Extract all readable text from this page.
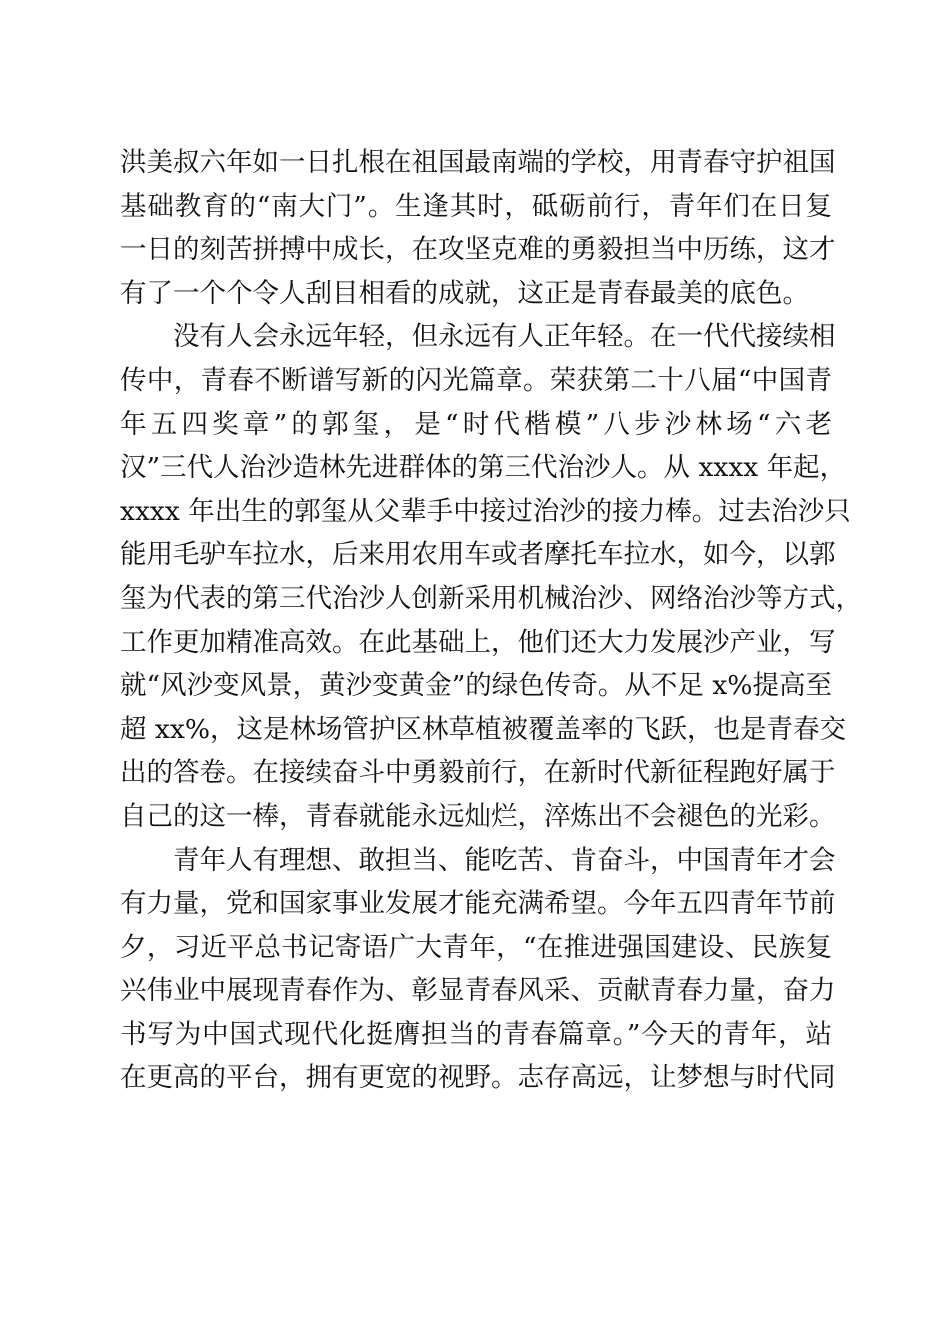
洪美叔六年如一日扎根在祖国最南端的学校，用青春守护祖国
基础教育的“南大门”。生逢其时，砥砺前行，青年们在日复
一日的刻苦拼搏中成长，在攻坚克难的勇毅担当中历练，这才
有了一个个令人刮目相看的成就，这正是青春最美的底色。
没有人会永远年轻，但永远有人正年轻。在一代代接续相
传中，青春不断谱写新的闪光篇章。荣获第二十八届“中国青
年五四奖章”的郭玺，是“时代楷模”八步沙林场“六老
汉”三代人治沙造林先进群体的第三代治沙人。从 xxxx 年起，
xxxx 年出生的郭玺从父辈手中接过治沙的接力棒。过去治沙只
能用毛驴车拉水，后来用农用车或者摩托车拉水，如今，以郭
玺为代表的第三代治沙人创新采用机械治沙、网络治沙等方式，
工作更加精准高效。在此基础上，他们还大力发展沙产业，写
就“风沙变风景，黄沙变黄金”的绿色传奇。从不足 x%提高至
超 xx%，这是林场管护区林草植被覆盖率的飞跃，也是青春交
出的答卷。在接续奋斗中勇毅前行，在新时代新征程跑好属于
自己的这一棒，青春就能永远灿烂，淬炼出不会褪色的光彩。
青年人有理想、敢担当、能吃苦、肯奋斗，中国青年才会
有力量，党和国家事业发展才能充满希望。今年五四青年节前
夕，习近平总书记寄语广大青年，“在推进强国建设、民族复
兴伟业中展现青春作为、彰显青春风采、贡献青春力量，奋力
书写为中国式现代化挺膺担当的青春篇章。”今天的青年，站
在更高的平台，拥有更宽的视野。志存高远，让梦想与时代同
